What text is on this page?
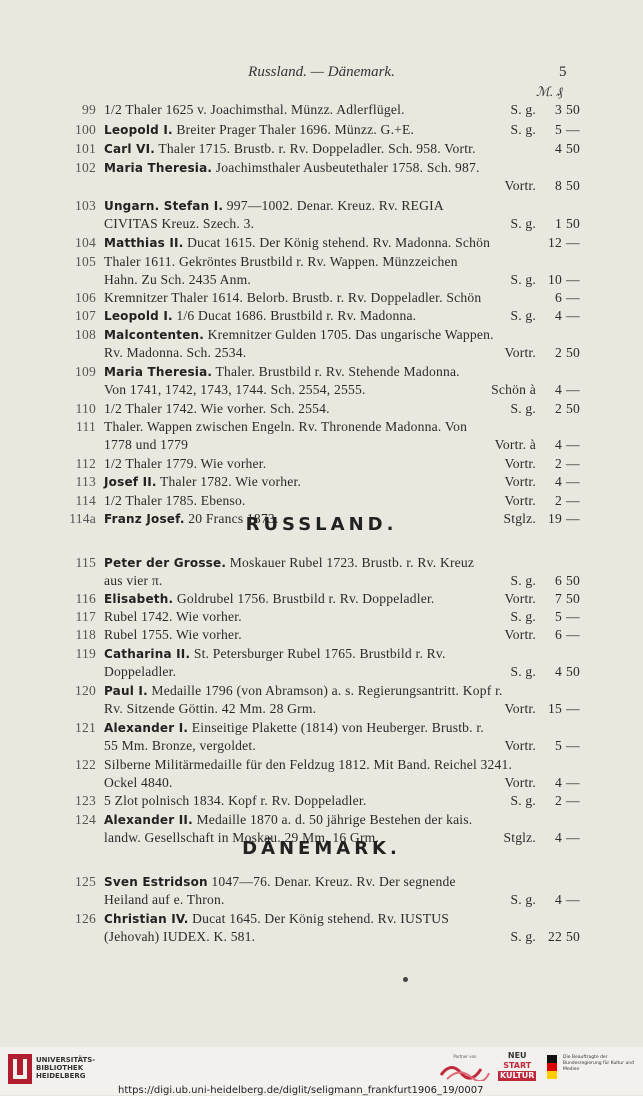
Russland. — Dänemark.	5
ℳ. ₰
99 1/2 Thaler 1625 v. Joachimsthal. Münzz. Adlerflügel.	S. g.	3 50
100 Leopold I. Breiter Prager Thaler 1696. Münzz. G.+E.	S. g.	5 —
101 Carl VI. Thaler 1715. Brustb. r. Rv. Doppeladler. Sch. 958. Vortr.	4 50
102 Maria Theresia. Joachimsthaler Ausbeutethaler 1758. Sch. 987.
Vortr.	8 50
103 Ungarn. Stefan I. 997—1002. Denar. Kreuz. Rv. REGIA
CIVITAS Kreuz. Szech. 3.	S. g.	1 50
104 Matthias II. Ducat 1615. Der König stehend. Rv. Madonna. Schön	12 —
105 Thaler 1611. Gekröntes Brustbild r. Rv. Wappen. Münzzeichen
Hahn. Zu Sch. 2435 Anm.	S. g. 10 —
106 Kremnitzer Thaler 1614. Belorb. Brustb. r. Rv. Doppeladler. Schön	6 —
107 Leopold I. 1/6 Ducat 1686. Brustbild r. Rv. Madonna.	S. g.	4 —
108 Malcontenten. Kremnitzer Gulden 1705. Das ungarische Wappen.
Rv. Madonna. Sch. 2534.	Vortr.	2 50
109 Maria Theresia. Thaler. Brustbild r. Rv. Stehende Madonna.
Von 1741, 1742, 1743, 1744. Sch. 2554, 2555.	Schön à	4 —
110 1/2 Thaler 1742. Wie vorher. Sch. 2554.	S. g.	2 50
111 Thaler. Wappen zwischen Engeln. Rv. Thronende Madonna. Von
1778 und 1779	Vortr. à	4 —
112 1/2 Thaler 1779. Wie vorher.	Vortr.	2 —
113 Josef II. Thaler 1782. Wie vorher.	Vortr.	4 —
114 1/2 Thaler 1785. Ebenso.	Vortr.	2 —
114a Franz Josef. 20 Francs 1873.	Stglz. 19 —
115 Peter der Grosse. Moskauer Rubel 1723. Brustb. r. Rv. Kreuz
aus vier π.	S. g.	6 50
116 Elisabeth. Goldrubel 1756. Brustbild r. Rv. Doppeladler.	Vortr.	7 50
117 Rubel 1742. Wie vorher.	S. g.	5 —
118 Rubel 1755. Wie vorher.	Vortr.	6 —
119 Catharina II. St. Petersburger Rubel 1765. Brustbild r. Rv.
Doppeladler.	S. g.	4 50
120 Paul I. Medaille 1796 (von Abramson) a. s. Regierungsantritt. Kopf r.
Rv. Sitzende Göttin. 42 Mm. 28 Grm.	Vortr. 15 —
121 Alexander I. Einseitige Plakette (1814) von Heuberger. Brustb. r.
55 Mm. Bronze, vergoldet.	Vortr.	5 —
122 Silberne Militärmedaille für den Feldzug 1812. Mit Band. Reichel 3241.
Ockel 4840.	Vortr.	4 —
123 5 Zlot polnisch 1834. Kopf r. Rv. Doppeladler.	S. g.	2 —
124 Alexander II. Medaille 1870 a. d. 50 jährige Bestehen der kais.
landw. Gesellschaft in Moskau. 29 Mm. 16 Grm.	Stglz.	4 —
125 Sven Estridson 1047—76. Denar. Kreuz. Rv. Der segnende
Heiland auf e. Thron.	S. g.	4 —
126 Christian IV. Ducat 1645. Der König stehend. Rv. IUSTUS
(Jehovah) IUDEX. K. 581.	S. g. 22 50
RUSSLAND.
DÄNEMARK.
UNIVERSITÄTS-
BIBLIOTHEK
HEIDELBERG
Partner von	NEU
START
KULTUR
Die Beauftragte der Bundesregierung für Kultur und Medien
https://digi.ub.uni-heidelberg.de/diglit/seligmann_frankfurt1906_19/0007
